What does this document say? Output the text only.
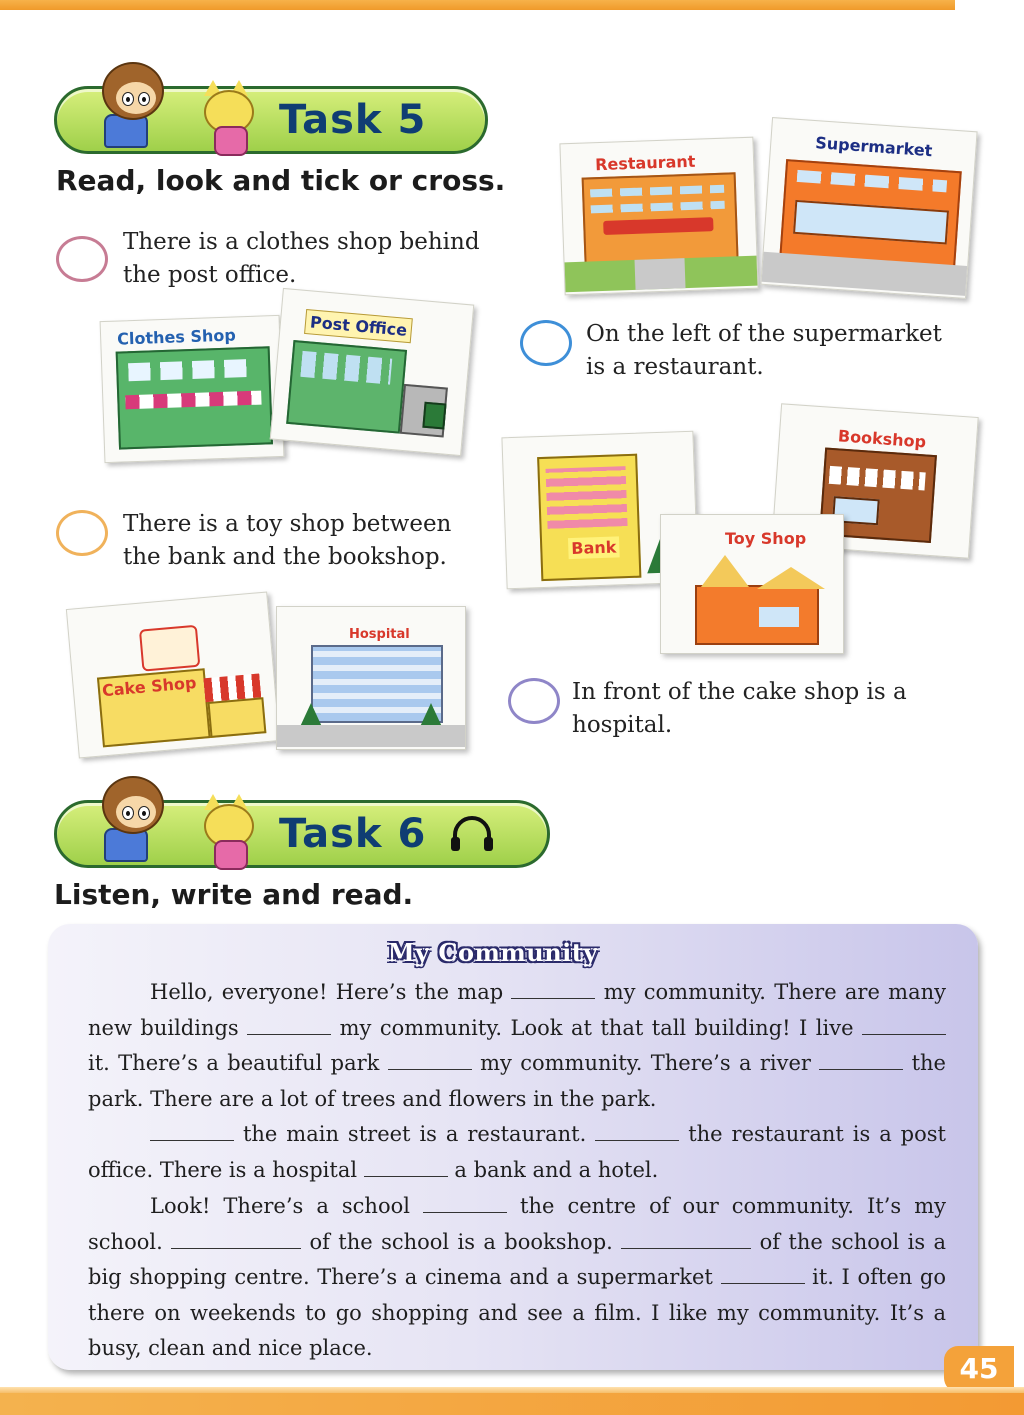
Task 5
Read, look and tick or cross.
There is a clothes shop behind the post office.
On the left of the supermarket is a restaurant.
There is a toy shop between the bank and the bookshop.
In front of the cake shop is a hospital.
Restaurant
Supermarket
Clothes Shop	Post Office
Bookshop
Bank	Toy Shop
Cake Shop
Hospital
Task 6
Listen, write and read.
My Community
Hello, everyone! Here’s the map	my community. There are many new buildings	my community. Look at that tall building! I live  it. There’s a beautiful park	my community. There’s a river	the park. There are a lot of trees and flowers in the park.
the main street is a restaurant.	the restaurant is a post office. There is a hospital	a bank and a hotel.
Look! There’s a school	the centre of our community. It’s my school.	of the school is a bookshop.	of the school is a big shopping centre. There’s a cinema and a supermarket	it. I often go there on weekends to go shopping and see a film. I like my community. It’s a busy, clean and nice place.
45
